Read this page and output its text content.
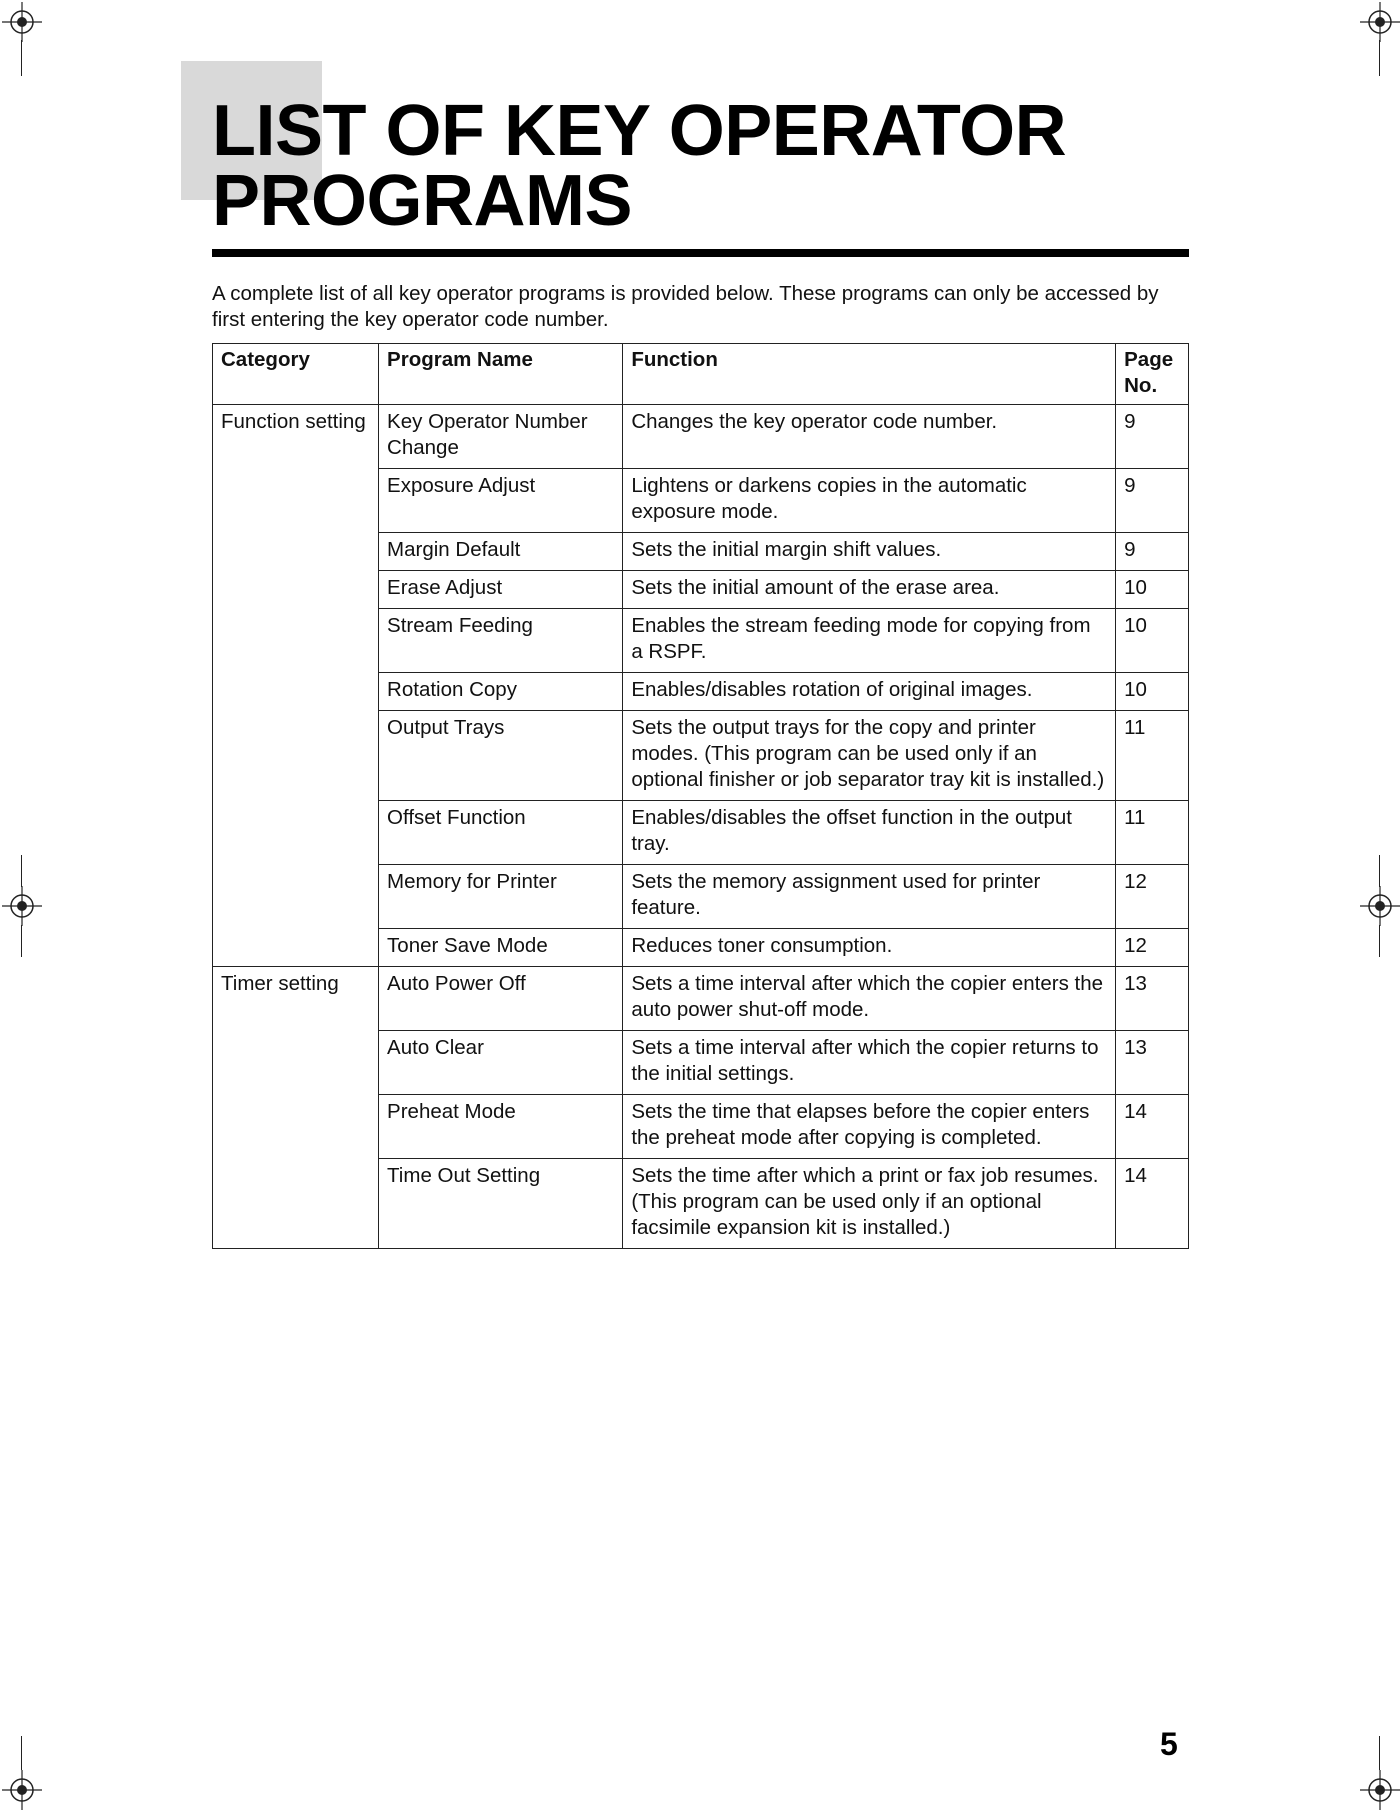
LIST OF KEY OPERATOR
PROGRAMS

A complete list of all key operator programs is provided below. These programs can only be accessed by first entering the key operator code number.

Category	Program Name	Function	Page
No.
Function setting	Key Operator Number Change	Changes the key operator code number.	9
	Exposure Adjust	Lightens or darkens copies in the automatic exposure mode.	9
	Margin Default	Sets the initial margin shift values.	9
	Erase Adjust	Sets the initial amount of the erase area.	10
	Stream Feeding	Enables the stream feeding mode for copying from a RSPF.	10
	Rotation Copy	Enables/disables rotation of original images.	10
	Output Trays	Sets the output trays for the copy and printer modes. (This program can be used only if an optional finisher or job separator tray kit is installed.)	11
	Offset Function	Enables/disables the offset function in the output tray.	11
	Memory for Printer	Sets the memory assignment used for printer feature.	12
	Toner Save Mode	Reduces toner consumption.	12
Timer setting	Auto Power Off	Sets a time interval after which the copier enters the auto power shut-off mode.	13
	Auto Clear	Sets a time interval after which the copier returns to the initial settings.	13
	Preheat Mode	Sets the time that elapses before the copier enters the preheat mode after copying is completed.	14
	Time Out Setting	Sets the time after which a print or fax job resumes. (This program can be used only if an optional facsimile expansion kit is installed.)	14
5
